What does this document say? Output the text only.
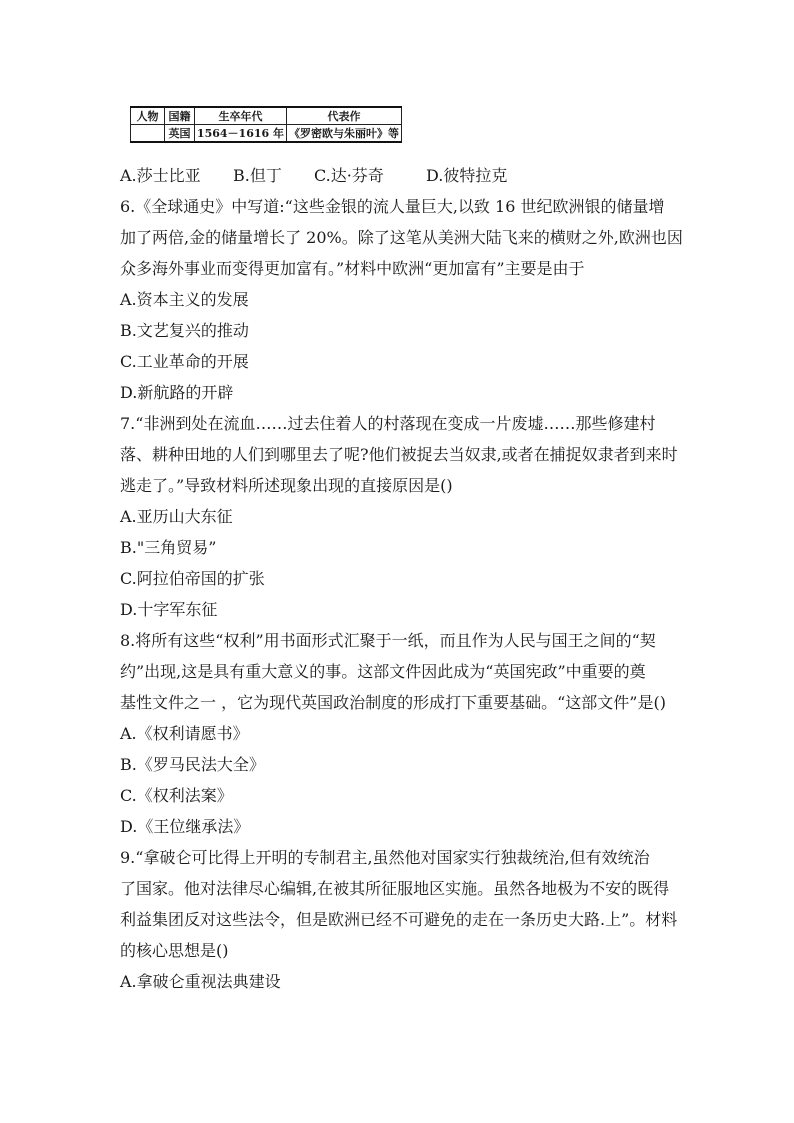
人物	国籍	生卒年代	代表作
	英国	1564－1616 年	《罗密欧与朱丽叶》等

A.莎士比亚 B.但丁 C.达·芬奇	D.彼特拉克

6.《全球通史》中写道:“这些金银的流人量巨大,以致 16 世纪欧洲银的储量增

加了两倍,金的储量增长了 20%。除了这笔从美洲大陆飞来的横财之外,欧洲也因

众多海外事业而变得更加富有。”材料中欧洲“更加富有”主要是由于

A.资本主义的发展

B.文艺复兴的推动

C.工业革命的开展

D.新航路的开辟

7.“非洲到处在流血……过去住着人的村落现在变成一片废墟……那些修建村

落、耕种田地的人们到哪里去了呢?他们被捉去当奴隶,或者在捕捉奴隶者到来时

逃走了。”导致材料所述现象出现的直接原因是()

A.亚历山大东征

B."三角贸易”

C.阿拉伯帝国的扩张

D.十字军东征

8.将所有这些“权利”用书面形式汇聚于一纸，而且作为人民与国王之间的“契

约”出现,这是具有重大意义的事。这部文件因此成为“英国宪政”中重要的奠

基性文件之一 ，它为现代英国政治制度的形成打下重要基础。“这部文件”是()

A.《权利请愿书》

B.《罗马民法大全》

C.《权利法案》

D.《王位继承法》

9.“拿破仑可比得上开明的专制君主,虽然他对国家实行独裁统治,但有效统治

了国家。他对法律尽心编辑,在被其所征服地区实施。虽然各地极为不安的既得

利益集团反对这些法令，但是欧洲已经不可避免的走在一条历史大路.上”。材料

的核心思想是()

A.拿破仑重视法典建设
